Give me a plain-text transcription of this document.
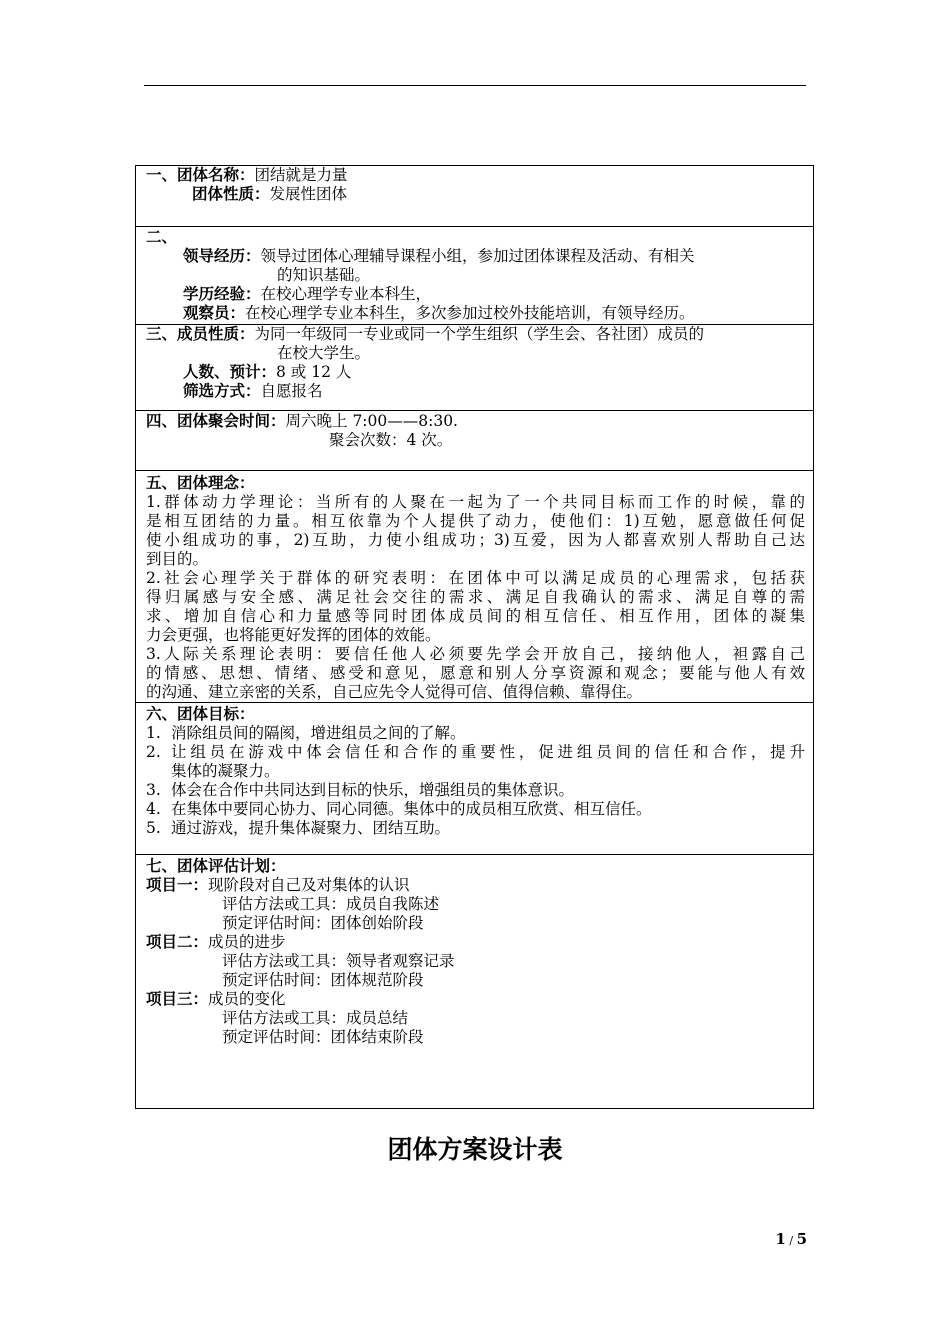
一、团体名称：团结就是力量
团体性质：发展性团体
二、
领导经历：领导过团体心理辅导课程小组，参加过团体课程及活动、有相关
的知识基础。
学历经验：在校心理学专业本科生，
观察员：在校心理学专业本科生，多次参加过校外技能培训，有领导经历。
三、成员性质：为同一年级同一专业或同一个学生组织（学生会、各社团）成员的
在校大学生。
人数、预计：8 或 12 人
筛选方式：自愿报名
四、团体聚会时间：周六晚上 7:00——8:30.
聚会次数：4 次。
五、团体理念：
1.群体动力学理论：当所有的人聚在一起为了一个共同目标而工作的时候，靠的
是相互团结的力量。相互依靠为个人提供了动力，使他们：1)互勉，愿意做任何促
使小组成功的事，2)互助，力使小组成功；3)互爱，因为人都喜欢别人帮助自己达
到目的。
2.社会心理学关于群体的研究表明：在团体中可以满足成员的心理需求，包括获
得归属感与安全感、满足社会交往的需求、满足自我确认的需求、满足自尊的需
求、增加自信心和力量感等同时团体成员间的相互信任、相互作用，团体的凝集
力会更强，也将能更好发挥的团体的效能。
3.人际关系理论表明：要信任他人必须要先学会开放自己，接纳他人，袒露自己
的情感、思想、情绪、感受和意见，愿意和别人分享资源和观念；要能与他人有效
的沟通、建立亲密的关系，自己应先令人觉得可信、值得信赖、靠得住。
六、团体目标：
1. 消除组员间的隔阂，增进组员之间的了解。
2. 让组员在游戏中体会信任和合作的重要性，促进组员间的信任和合作，提升
集体的凝聚力。
3. 体会在合作中共同达到目标的快乐，增强组员的集体意识。
4. 在集体中要同心协力、同心同德。集体中的成员相互欣赏、相互信任。
5. 通过游戏，提升集体凝聚力、团结互助。
七、团体评估计划：
项目一：现阶段对自己及对集体的认识
评估方法或工具：成员自我陈述
预定评估时间：团体创始阶段
项目二：成员的进步
评估方法或工具：领导者观察记录
预定评估时间：团体规范阶段
项目三：成员的变化
评估方法或工具：成员总结
预定评估时间：团体结束阶段
团体方案设计表
1 / 5
